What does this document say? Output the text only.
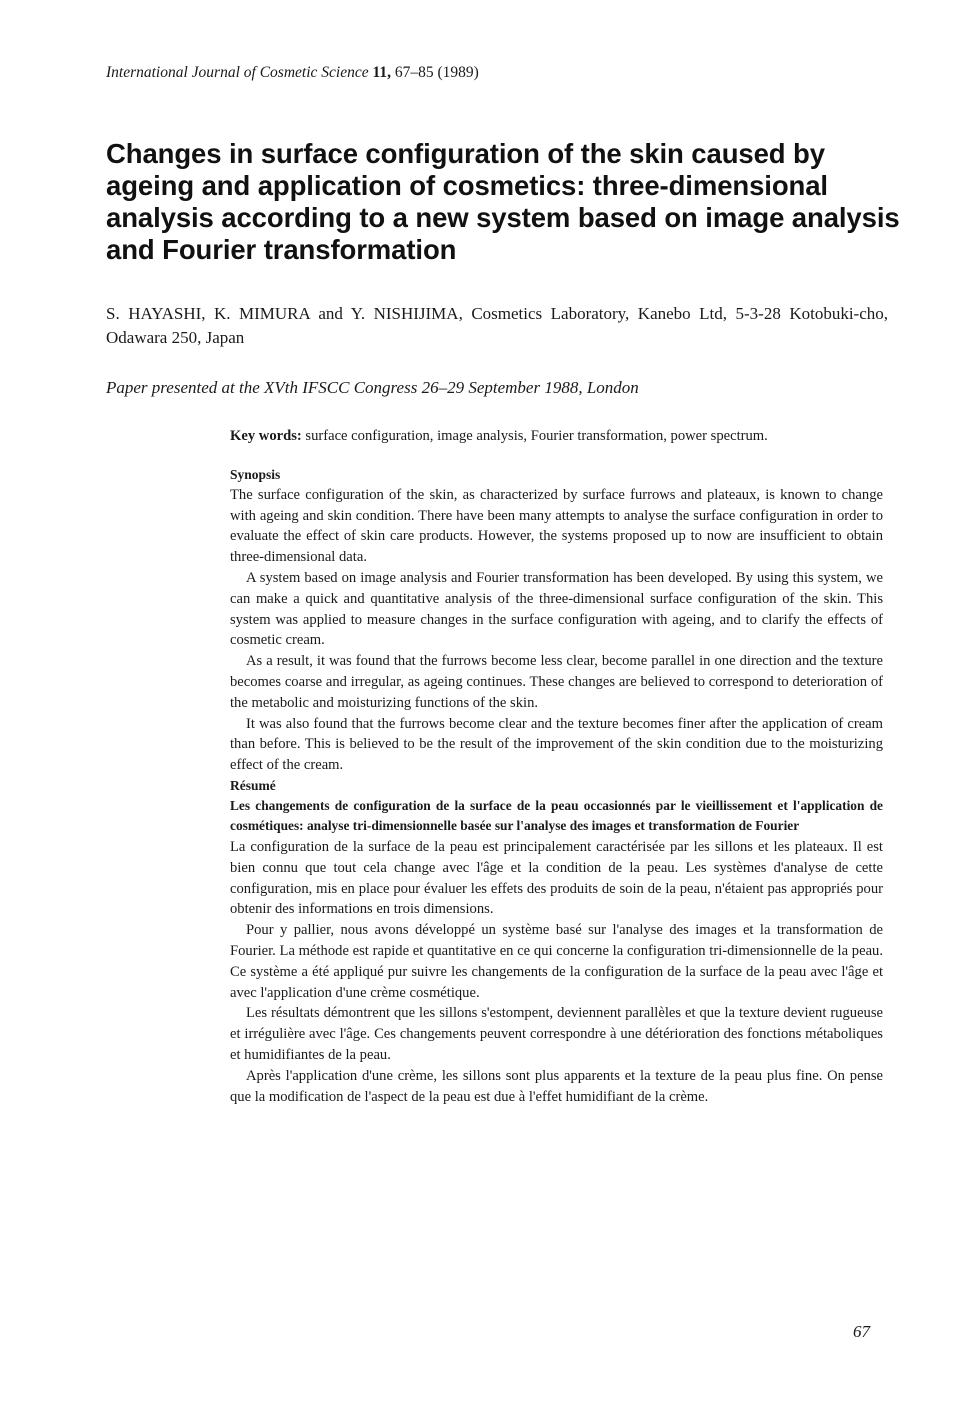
International Journal of Cosmetic Science 11, 67–85 (1989)
Changes in surface configuration of the skin caused by ageing and application of cosmetics: three-dimensional analysis according to a new system based on image analysis and Fourier transformation
S. HAYASHI, K. MIMURA and Y. NISHIJIMA, Cosmetics Laboratory, Kanebo Ltd, 5-3-28 Kotobuki-cho, Odawara 250, Japan
Paper presented at the XVth IFSCC Congress 26–29 September 1988, London

Key words: surface configuration, image analysis, Fourier transformation, power spectrum.

Synopsis

The surface configuration of the skin, as characterized by surface furrows and plateaux, is known to change with ageing and skin condition. There have been many attempts to analyse the surface configuration in order to evaluate the effect of skin care products. However, the systems proposed up to now are insufficient to obtain three-dimensional data.

A system based on image analysis and Fourier transformation has been developed. By using this system, we can make a quick and quantitative analysis of the three-dimensional surface configuration of the skin. This system was applied to measure changes in the surface configuration with ageing, and to clarify the effects of cosmetic cream.

As a result, it was found that the furrows become less clear, become parallel in one direction and the texture becomes coarse and irregular, as ageing continues. These changes are believed to correspond to deterioration of the metabolic and moisturizing functions of the skin.

It was also found that the furrows become clear and the texture becomes finer after the application of cream than before. This is believed to be the result of the improvement of the skin condition due to the moisturizing effect of the cream.

Résumé

Les changements de configuration de la surface de la peau occasionnés par le vieillissement et l'application de cosmétiques: analyse tri-dimensionnelle basée sur l'analyse des images et transformation de Fourier

La configuration de la surface de la peau est principalement caractérisée par les sillons et les plateaux. Il est bien connu que tout cela change avec l'âge et la condition de la peau. Les systèmes d'analyse de cette configuration, mis en place pour évaluer les effets des produits de soin de la peau, n'étaient pas appropriés pour obtenir des informations en trois dimensions.

Pour y pallier, nous avons développé un système basé sur l'analyse des images et la transformation de Fourier. La méthode est rapide et quantitative en ce qui concerne la configuration tri-dimensionnelle de la peau. Ce système a été appliqué pur suivre les changements de la configuration de la surface de la peau avec l'âge et avec l'application d'une crème cosmétique.

Les résultats démontrent que les sillons s'estompent, deviennent parallèles et que la texture devient rugueuse et irrégulière avec l'âge. Ces changements peuvent correspondre à une détérioration des fonctions métaboliques et humidifiantes de la peau.

Après l'application d'une crème, les sillons sont plus apparents et la texture de la peau plus fine. On pense que la modification de l'aspect de la peau est due à l'effet humidifiant de la crème.

67
